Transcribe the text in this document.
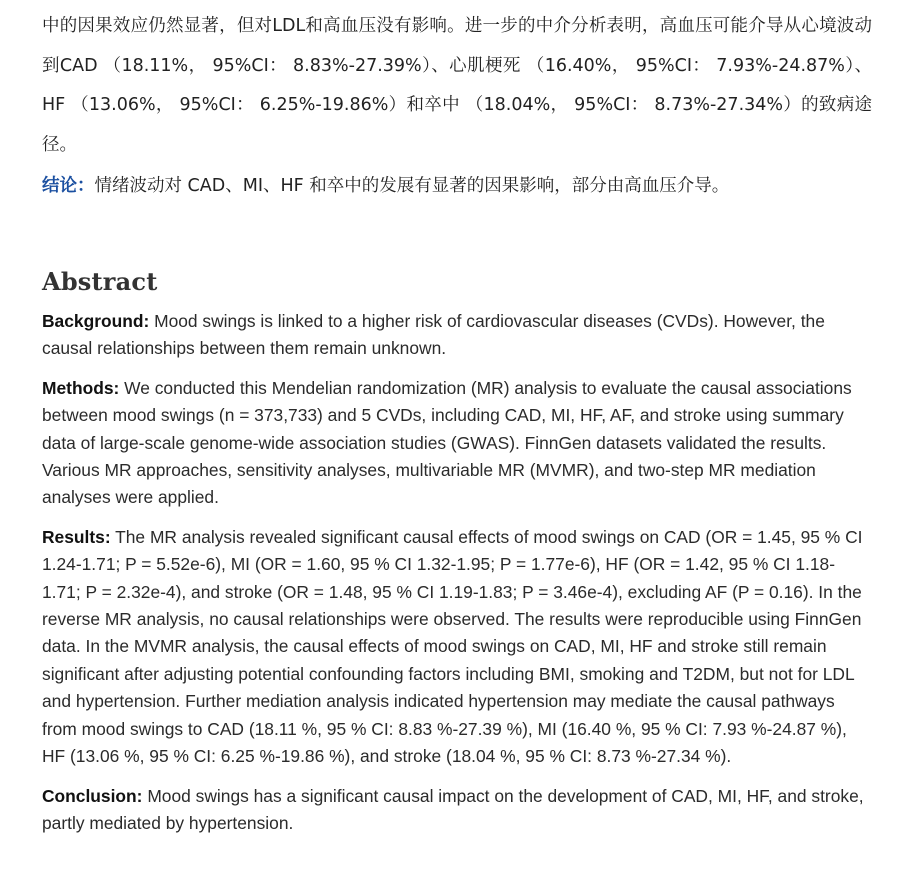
中的因果效应仍然显著，但对LDL和高血压没有影响。进一步的中介分析表明，高血压可能介导从心境波动到CAD （18.11%， 95%CI： 8.83%-27.39%）、心肌梗死 （16.40%， 95%CI： 7.93%-24.87%）、HF （13.06%， 95%CI： 6.25%-19.86%）和卒中 （18.04%， 95%CI： 8.73%-27.34%）的致病途径。

结论：情绪波动对 CAD、MI、HF 和卒中的发展有显著的因果影响，部分由高血压介导。

Abstract

Background: Mood swings is linked to a higher risk of cardiovascular diseases (CVDs). However, the causal relationships between them remain unknown.

Methods: We conducted this Mendelian randomization (MR) analysis to evaluate the causal associations between mood swings (n = 373,733) and 5 CVDs, including CAD, MI, HF, AF, and stroke using summary data of large-scale genome-wide association studies (GWAS). FinnGen datasets validated the results. Various MR approaches, sensitivity analyses, multivariable MR (MVMR), and two-step MR mediation analyses were applied.

Results: The MR analysis revealed significant causal effects of mood swings on CAD (OR = 1.45, 95 % CI 1.24-1.71; P = 5.52e-6), MI (OR = 1.60, 95 % CI 1.32-1.95; P = 1.77e-6), HF (OR = 1.42, 95 % CI 1.18-1.71; P = 2.32e-4), and stroke (OR = 1.48, 95 % CI 1.19-1.83; P = 3.46e-4), excluding AF (P = 0.16). In the reverse MR analysis, no causal relationships were observed. The results were reproducible using FinnGen data. In the MVMR analysis, the causal effects of mood swings on CAD, MI, HF and stroke still remain significant after adjusting potential confounding factors including BMI, smoking and T2DM, but not for LDL and hypertension. Further mediation analysis indicated hypertension may mediate the causal pathways from mood swings to CAD (18.11 %, 95 % CI: 8.83 %-27.39 %), MI (16.40 %, 95 % CI: 7.93 %-24.87 %), HF (13.06 %, 95 % CI: 6.25 %-19.86 %), and stroke (18.04 %, 95 % CI: 8.73 %-27.34 %).

Conclusion: Mood swings has a significant causal impact on the development of CAD, MI, HF, and stroke, partly mediated by hypertension.
